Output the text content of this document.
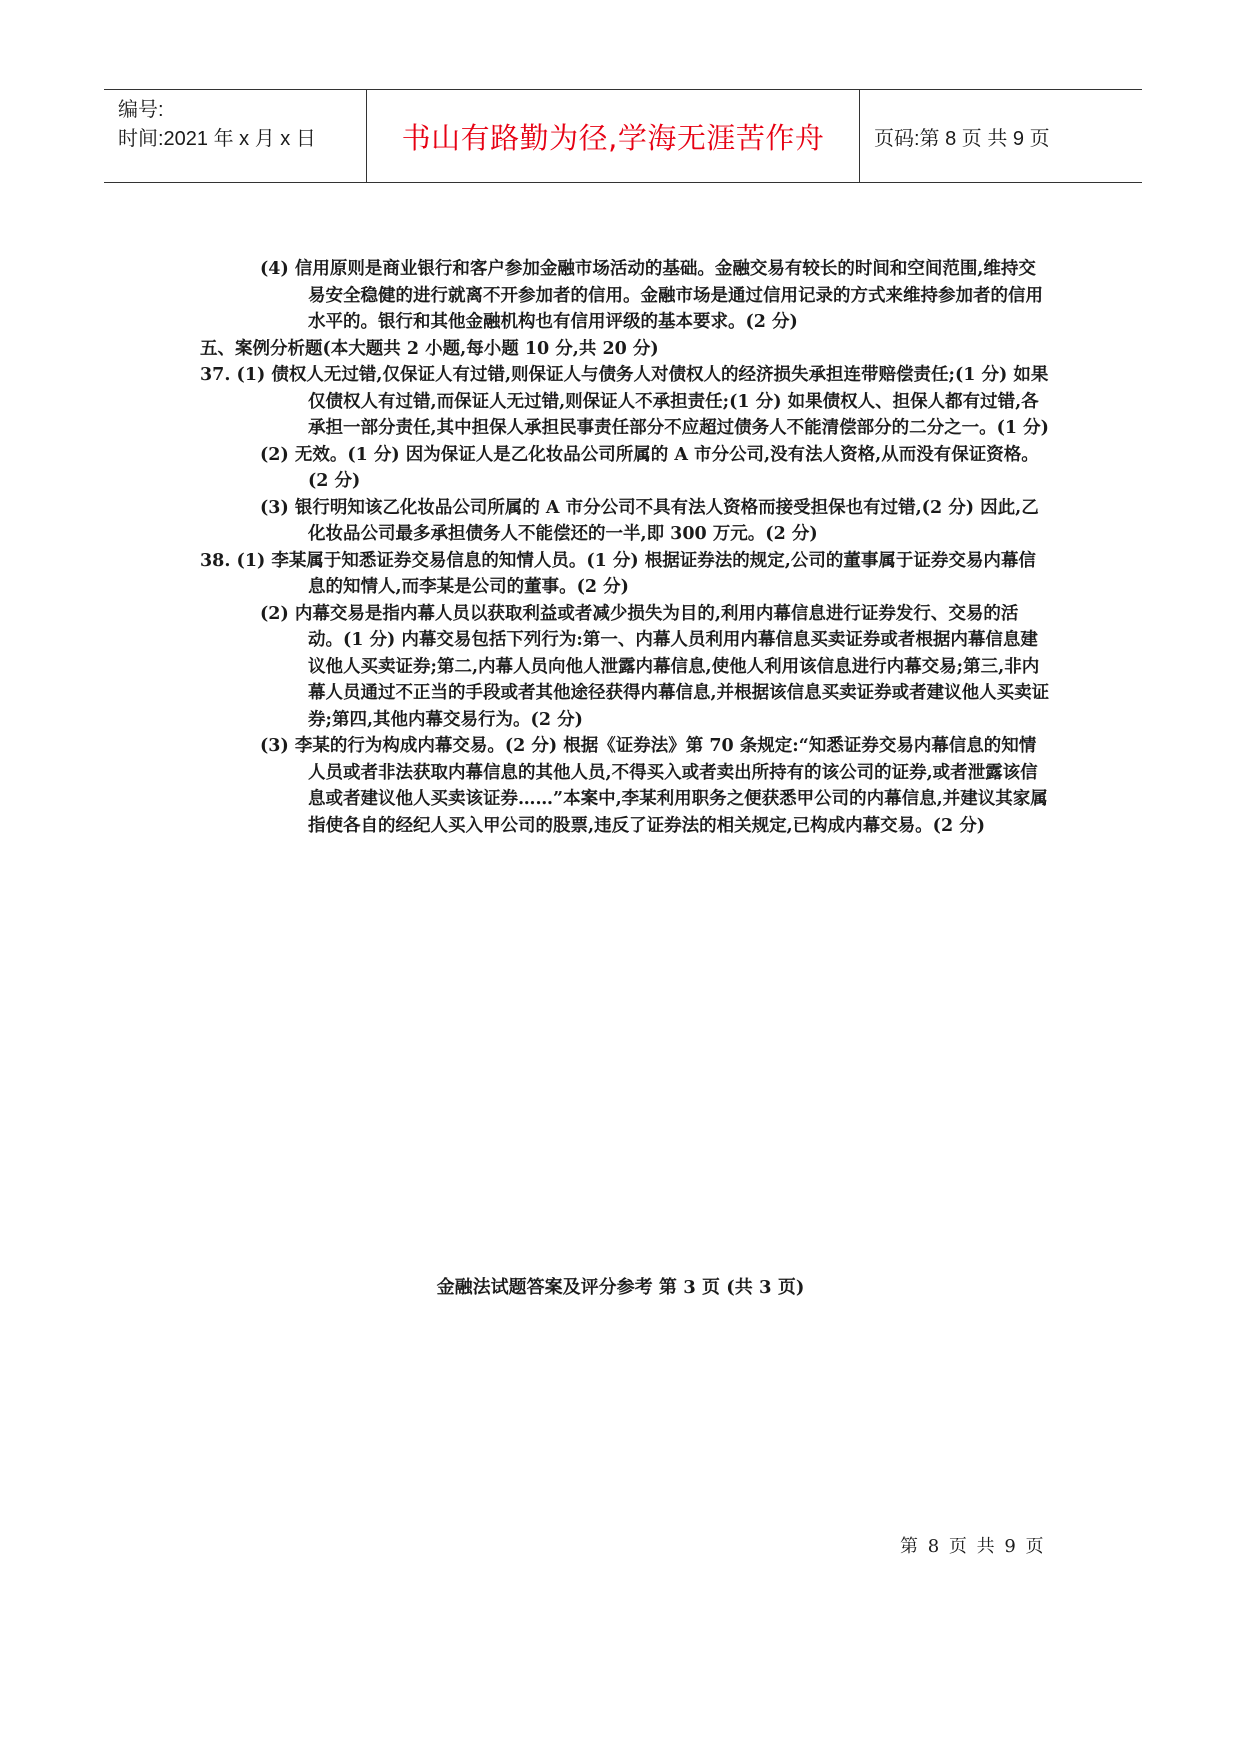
编号:
时间:2021 年 x 月 x 日	书山有路勤为径,学海无涯苦作舟	页码:第 8 页 共 9 页

(4) 信用原则是商业银行和客户参加金融市场活动的基础。金融交易有较长的时间和空间范围,维持交易安全稳健的进行就离不开参加者的信用。金融市场是通过信用记录的方式来维持参加者的信用水平的。银行和其他金融机构也有信用评级的基本要求。(2 分)

五、案例分析题(本大题共 2 小题,每小题 10 分,共 20 分)

37. (1) 债权人无过错,仅保证人有过错,则保证人与债务人对债权人的经济损失承担连带赔偿责任;(1 分) 如果仅债权人有过错,而保证人无过错,则保证人不承担责任;(1 分) 如果债权人、担保人都有过错,各承担一部分责任,其中担保人承担民事责任部分不应超过债务人不能清偿部分的二分之一。(1 分)

(2) 无效。(1 分) 因为保证人是乙化妆品公司所属的 A 市分公司,没有法人资格,从而没有保证资格。(2 分)

(3) 银行明知该乙化妆品公司所属的 A 市分公司不具有法人资格而接受担保也有过错,(2 分) 因此,乙化妆品公司最多承担债务人不能偿还的一半,即 300 万元。(2 分)

38. (1) 李某属于知悉证券交易信息的知情人员。(1 分) 根据证券法的规定,公司的董事属于证券交易内幕信息的知情人,而李某是公司的董事。(2 分)

(2) 内幕交易是指内幕人员以获取利益或者减少损失为目的,利用内幕信息进行证券发行、交易的活动。(1 分) 内幕交易包括下列行为:第一、内幕人员利用内幕信息买卖证券或者根据内幕信息建议他人买卖证券;第二,内幕人员向他人泄露内幕信息,使他人利用该信息进行内幕交易;第三,非内幕人员通过不正当的手段或者其他途径获得内幕信息,并根据该信息买卖证券或者建议他人买卖证券;第四,其他内幕交易行为。(2 分)

(3) 李某的行为构成内幕交易。(2 分) 根据《证券法》第 70 条规定:“知悉证券交易内幕信息的知情人员或者非法获取内幕信息的其他人员,不得买入或者卖出所持有的该公司的证券,或者泄露该信息或者建议他人买卖该证券……”本案中,李某利用职务之便获悉甲公司的内幕信息,并建议其家属指使各自的经纪人买入甲公司的股票,违反了证券法的相关规定,已构成内幕交易。(2 分)

金融法试题答案及评分参考 第 3 页 (共 3 页)
第 8 页 共 9 页
